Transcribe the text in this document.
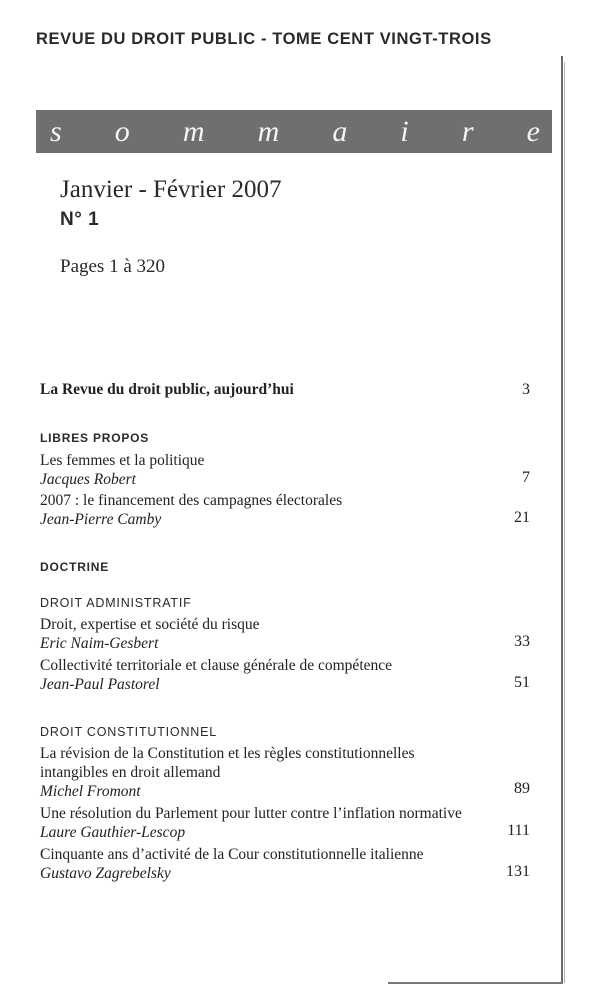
REVUE DU DROIT PUBLIC - TOME CENT VINGT-TROIS
s o m m a i r e
Janvier - Février 2007
N° 1
Pages 1 à 320
La Revue du droit public, aujourd’hui	3
LIBRES PROPOS
Les femmes et la politique
Jacques Robert	7
2007 : le financement des campagnes électorales
Jean-Pierre Camby	21
DOCTRINE
DROIT ADMINISTRATIF
Droit, expertise et société du risque
Eric Naim-Gesbert	33
Collectivité territoriale et clause générale de compétence
Jean-Paul Pastorel	51
DROIT CONSTITUTIONNEL
La révision de la Constitution et les règles constitutionnelles
intangibles en droit allemand
Michel Fromont	89
Une résolution du Parlement pour lutter contre l’inflation normative
Laure Gauthier-Lescop	111
Cinquante ans d’activité de la Cour constitutionnelle italienne
Gustavo Zagrebelsky	131
